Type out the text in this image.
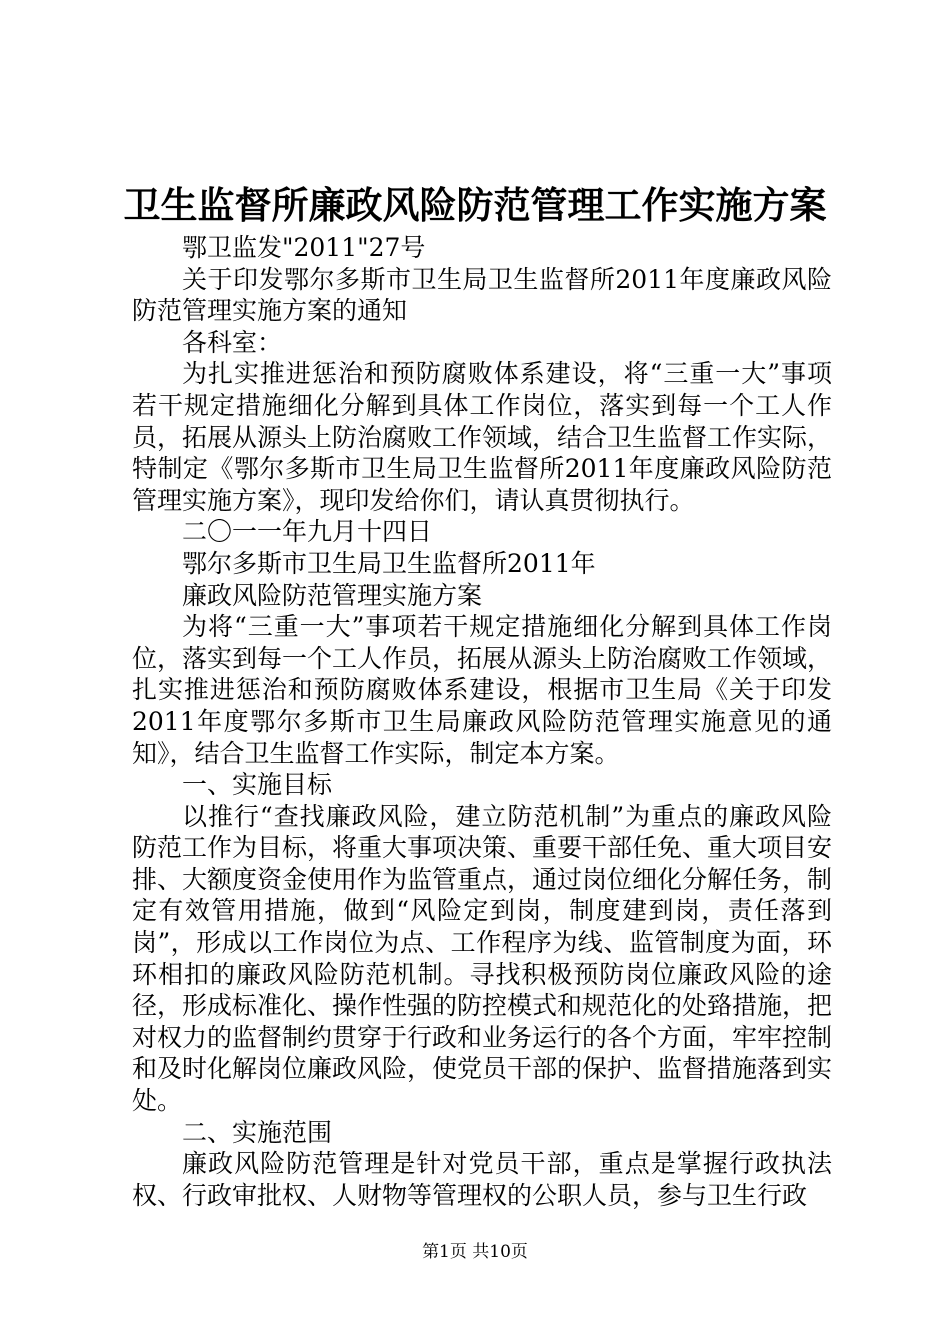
卫生监督所廉政风险防范管理工作实施方案

鄂卫监发"2011"27号

关于印发鄂尔多斯市卫生局卫生监督所2011年度廉政风险防范管理实施方案的通知

各科室：

为扎实推进惩治和预防腐败体系建设，将“三重一大”事项若干规定措施细化分解到具体工作岗位，落实到每一个工人作员，拓展从源头上防治腐败工作领域，结合卫生监督工作实际，特制定《鄂尔多斯市卫生局卫生监督所2011年度廉政风险防范管理实施方案》，现印发给你们，请认真贯彻执行。

二〇一一年九月十四日

鄂尔多斯市卫生局卫生监督所2011年

廉政风险防范管理实施方案

为将“三重一大”事项若干规定措施细化分解到具体工作岗位，落实到每一个工人作员，拓展从源头上防治腐败工作领域，扎实推进惩治和预防腐败体系建设，根据市卫生局《关于印发2011年度鄂尔多斯市卫生局廉政风险防范管理实施意见的通知》，结合卫生监督工作实际，制定本方案。

一、实施目标

以推行“查找廉政风险，建立防范机制”为重点的廉政风险防范工作为目标，将重大事项决策、重要干部任免、重大项目安排、大额度资金使用作为监管重点，通过岗位细化分解任务，制定有效管用措施，做到“风险定到岗，制度建到岗，责任落到岗”，形成以工作岗位为点、工作程序为线、监管制度为面，环环相扣的廉政风险防范机制。寻找积极预防岗位廉政风险的途径，形成标准化、操作性强的防控模式和规范化的处臵措施，把对权力的监督制约贯穿于行政和业务运行的各个方面，牢牢控制和及时化解岗位廉政风险，使党员干部的保护、监督措施落到实处。

二、实施范围

廉政风险防范管理是针对党员干部，重点是掌握行政执法权、行政审批权、人财物等管理权的公职人员，参与卫生行政

第1页 共10页
